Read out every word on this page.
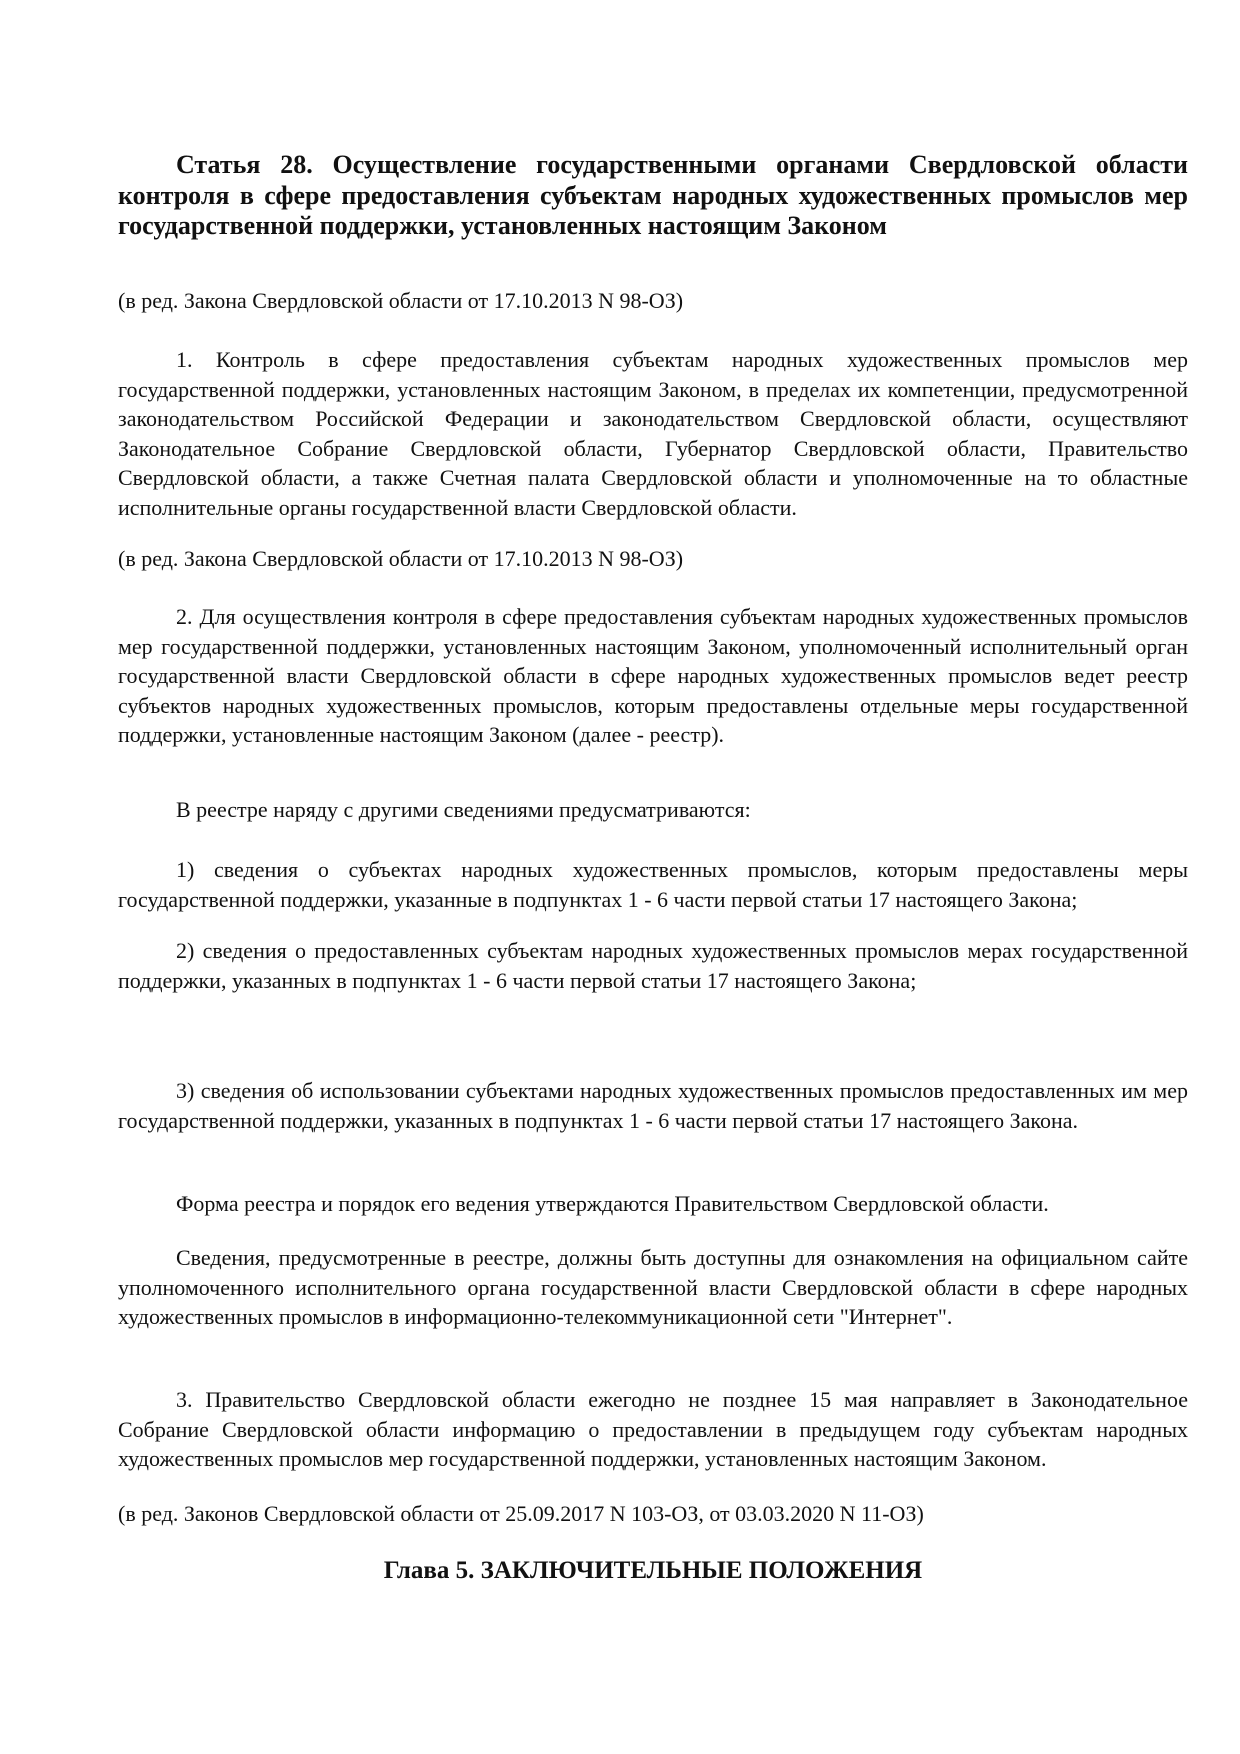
Статья 28. Осуществление государственными органами Свердловской области контроля в сфере предоставления субъектам народных художественных промыслов мер государственной поддержки, установленных настоящим Законом
(в ред. Закона Свердловской области от 17.10.2013 N 98-ОЗ)
1. Контроль в сфере предоставления субъектам народных художественных промыслов мер государственной поддержки, установленных настоящим Законом, в пределах их компетенции, предусмотренной законодательством Российской Федерации и законодательством Свердловской области, осуществляют Законодательное Собрание Свердловской области, Губернатор Свердловской области, Правительство Свердловской области, а также Счетная палата Свердловской области и уполномоченные на то областные исполнительные органы государственной власти Свердловской области.
(в ред. Закона Свердловской области от 17.10.2013 N 98-ОЗ)
2. Для осуществления контроля в сфере предоставления субъектам народных художественных промыслов мер государственной поддержки, установленных настоящим Законом, уполномоченный исполнительный орган государственной власти Свердловской области в сфере народных художественных промыслов ведет реестр субъектов народных художественных промыслов, которым предоставлены отдельные меры государственной поддержки, установленные настоящим Законом (далее - реестр).
В реестре наряду с другими сведениями предусматриваются:
1) сведения о субъектах народных художественных промыслов, которым предоставлены меры государственной поддержки, указанные в подпунктах 1 - 6 части первой статьи 17 настоящего Закона;
2) сведения о предоставленных субъектам народных художественных промыслов мерах государственной поддержки, указанных в подпунктах 1 - 6 части первой статьи 17 настоящего Закона;
3) сведения об использовании субъектами народных художественных промыслов предоставленных им мер государственной поддержки, указанных в подпунктах 1 - 6 части первой статьи 17 настоящего Закона.
Форма реестра и порядок его ведения утверждаются Правительством Свердловской области.
Сведения, предусмотренные в реестре, должны быть доступны для ознакомления на официальном сайте уполномоченного исполнительного органа государственной власти Свердловской области в сфере народных художественных промыслов в информационно-телекоммуникационной сети "Интернет".
3. Правительство Свердловской области ежегодно не позднее 15 мая направляет в Законодательное Собрание Свердловской области информацию о предоставлении в предыдущем году субъектам народных художественных промыслов мер государственной поддержки, установленных настоящим Законом.
(в ред. Законов Свердловской области от 25.09.2017 N 103-ОЗ, от 03.03.2020 N 11-ОЗ)
Глава 5. ЗАКЛЮЧИТЕЛЬНЫЕ ПОЛОЖЕНИЯ
